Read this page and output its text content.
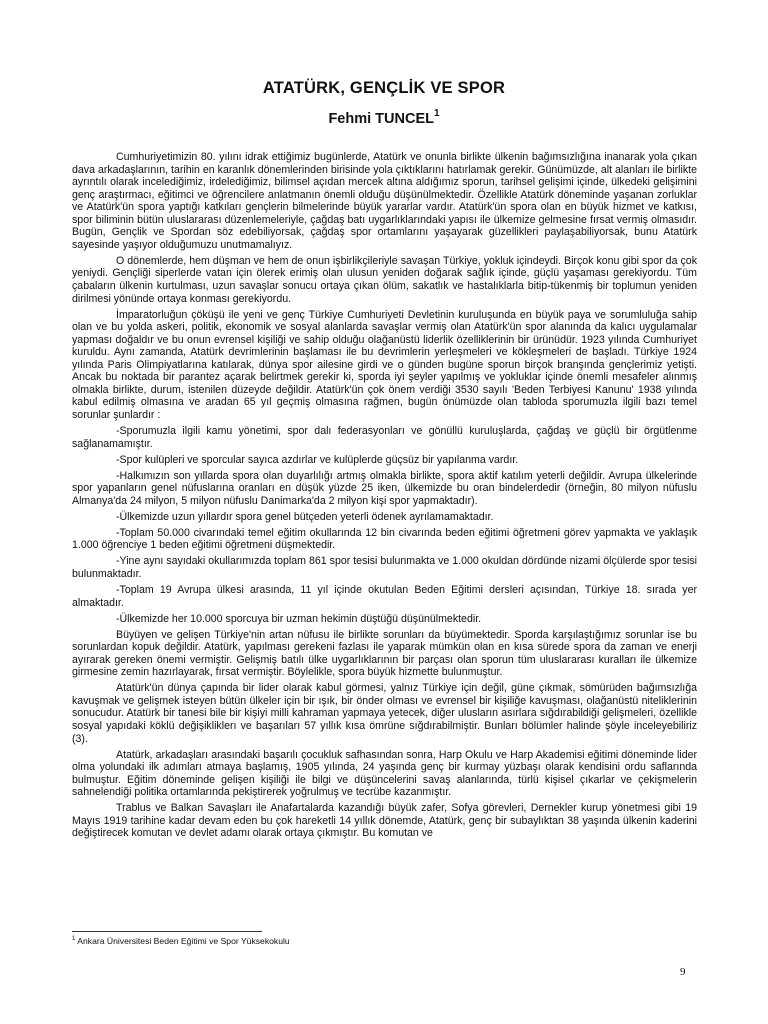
ATATÜRK, GENÇLİK VE SPOR
Fehmi TUNCEL$^1$

Cumhuriyetimizin 80. yılını idrak ettiğimiz bugünlerde, Atatürk ve onunla birlikte ülkenin bağımsızlığına inanarak yola çıkan dava arkadaşlarının, tarihin en karanlık dönemlerinden birisinde yola çıktıklarını hatırlamak gerekir. Günümüzde, alt alanları ile birlikte ayrıntılı olarak incelediğimiz, irdelediğimiz, bilimsel açıdan mercek altına aldığımız sporun, tarihsel gelişimi içinde, ülkedeki gelişimini genç araştırmacı, eğitimci ve öğrencilere anlatmanın önemli olduğu düşünülmektedir. Özellikle Atatürk döneminde yaşanan zorluklar ve Atatürk'ün spora yaptığı katkıları gençlerin bilmelerinde büyük yararlar vardır. Atatürk'ün spora olan en büyük hizmet ve katkısı, spor biliminin bütün uluslararası düzenlemeleriyle, çağdaş batı uygarlıklarındaki yapısı ile ülkemize gelmesine fırsat vermiş olmasıdır. Bugün, Gençlik ve Spordan söz edebiliyorsak, çağdaş spor ortamlarını yaşayarak güzellikleri paylaşabiliyorsak, bunu Atatürk sayesinde yaşıyor olduğumuzu unutmamalıyız.

O dönemlerde, hem düşman ve hem de onun işbirlikçileriyle savaşan Türkiye, yokluk içindeydi. Birçok konu gibi spor da çok yeniydi. Gençliği siperlerde vatan için ölerek erimiş olan ulusun yeniden doğarak sağlık içinde, güçlü yaşaması gerekiyordu. Tüm çabaların ülkenin kurtulması, uzun savaşlar sonucu ortaya çıkan ölüm, sakatlık ve hastalıklarla bitip-tükenmiş bir toplumun yeniden dirilmesi yönünde ortaya konması gerekiyordu.

İmparatorluğun çöküşü ile yeni ve genç Türkiye Cumhuriyeti Devletinin kuruluşunda en büyük paya ve sorumluluğa sahip olan ve bu yolda askeri, politik, ekonomik ve sosyal alanlarda savaşlar vermiş olan Atatürk'ün spor alanında da kalıcı uygulamalar yapması doğaldır ve bu onun evrensel kişiliği ve sahip olduğu olağanüstü liderlik özelliklerinin bir ürünüdür. 1923 yılında Cumhuriyet kuruldu. Aynı zamanda, Atatürk devrimlerinin başlaması ile bu devrimlerin yerleşmeleri ve kökleşmeleri de başladı. Türkiye 1924 yılında Paris Olimpiyatlarına katılarak, dünya spor ailesine girdi ve o günden bugüne sporun birçok branşında gençlerimiz yetişti. Ancak bu noktada bir parantez açarak belirtmek gerekir ki, sporda iyi şeyler yapılmış ve yokluklar içinde önemli mesafeler alınmış olmakla birlikte, durum, istenilen düzeyde değildir. Atatürk'ün çok önem verdiği 3530 sayılı 'Beden Terbiyesi Kanunu' 1938 yılında kabul edilmiş olmasına ve aradan 65 yıl geçmiş olmasına rağmen, bugün önümüzde olan tabloda sporumuzla ilgili bazı temel sorunlar şunlardır :

-Sporumuzla ilgili kamu yönetimi, spor dalı federasyonları ve gönüllü kuruluşlarda, çağdaş ve güçlü bir örgütlenme sağlanamamıştır.

-Spor kulüpleri ve sporcular sayıca azdırlar ve kulüplerde güçsüz bir yapılanma vardır.

-Halkımızın son yıllarda spora olan duyarlılığı artmış olmakla birlikte, spora aktif katılım yeterli değildir. Avrupa ülkelerinde spor yapanların genel nüfuslarına oranları en düşük yüzde 25 iken, ülkemizde bu oran bindelerdedir (örneğin, 80 milyon nüfuslu Almanya'da 24 milyon, 5 milyon nüfuslu Danimarka'da 2 milyon kişi spor yapmaktadır).

-Ülkemizde uzun yıllardır spora genel bütçeden yeterli ödenek ayrılamamaktadır.

-Toplam 50.000 civarındaki temel eğitim okullarında 12 bin civarında beden eğitimi öğretmeni görev yapmakta ve yaklaşık 1.000 öğrenciye 1 beden eğitimi öğretmeni düşmektedir.

-Yine aynı sayıdaki okullarımızda toplam 861 spor tesisi bulunmakta ve 1.000 okuldan dördünde nizami ölçülerde spor tesisi bulunmaktadır.

-Toplam 19 Avrupa ülkesi arasında, 11 yıl içinde okutulan Beden Eğitimi dersleri açısından, Türkiye 18. sırada yer almaktadır.

-Ülkemizde her 10.000 sporcuya bir uzman hekimin düştüğü düşünülmektedir.

Büyüyen ve gelişen Türkiye'nin artan nüfusu ile birlikte sorunları da büyümektedir. Sporda karşılaştığımız sorunlar ise bu sorunlardan kopuk değildir. Atatürk, yapılması gerekeni fazlası ile yaparak mümkün olan en kısa sürede spora da zaman ve enerji ayırarak gereken önemi vermiştir. Gelişmiş batılı ülke uygarlıklarının bir parçası olan sporun tüm uluslararası kuralları ile ülkemize girmesine zemin hazırlayarak, fırsat vermiştir. Böylelikle, spora büyük hizmette bulunmuştur.

Atatürk'ün dünya çapında bir lider olarak kabul görmesi, yalnız Türkiye için değil, güne çıkmak, sömürüden bağımsızlığa kavuşmak ve gelişmek isteyen bütün ülkeler için bir ışık, bir önder olması ve evrensel bir kişiliğe kavuşması, olağanüstü niteliklerinin sonucudur. Atatürk bir tanesi bile bir kişiyi milli kahraman yapmaya yetecek, diğer ulusların asırlara sığdırabildiği gelişmeleri, özellikle sosyal yapıdaki köklü değişikliklerı ve başarıları 57 yıllık kısa ömrüne sığdırabilmiştir. Bunları bölümler halinde şöyle inceleyebiliriz (3).

Atatürk, arkadaşları arasındaki başarılı çocukluk safhasından sonra, Harp Okulu ve Harp Akademisi eğitimi döneminde lider olma yolundaki ilk adımları atmaya başlamış, 1905 yılında, 24 yaşında genç bir kurmay yüzbaşı olarak kendisini ordu saflarında bulmuştur. Eğitim döneminde gelişen kişiliği ile bilgi ve düşüncelerini savaş alanlarında, türlü kişisel çıkarlar ve çekişmelerin sahnelendiği politika ortamlarında pekiştirerek yoğrulmuş ve tecrübe kazanmıştır.

Trablus ve Balkan Savaşları ile Anafartalarda kazandığı büyük zafer, Sofya görevleri, Dernekler kurup yönetmesi gibi 19 Mayıs 1919 tarihine kadar devam eden bu çok hareketli 14 yıllık dönemde, Atatürk, genç bir subaylıktan 38 yaşında ülkenin kaderini değiştirecek komutan ve devlet adamı olarak ortaya çıkmıştır. Bu komutan ve

$^1$ Ankara Üniversitesi Beden Eğitimi ve Spor Yüksekokulu
9
